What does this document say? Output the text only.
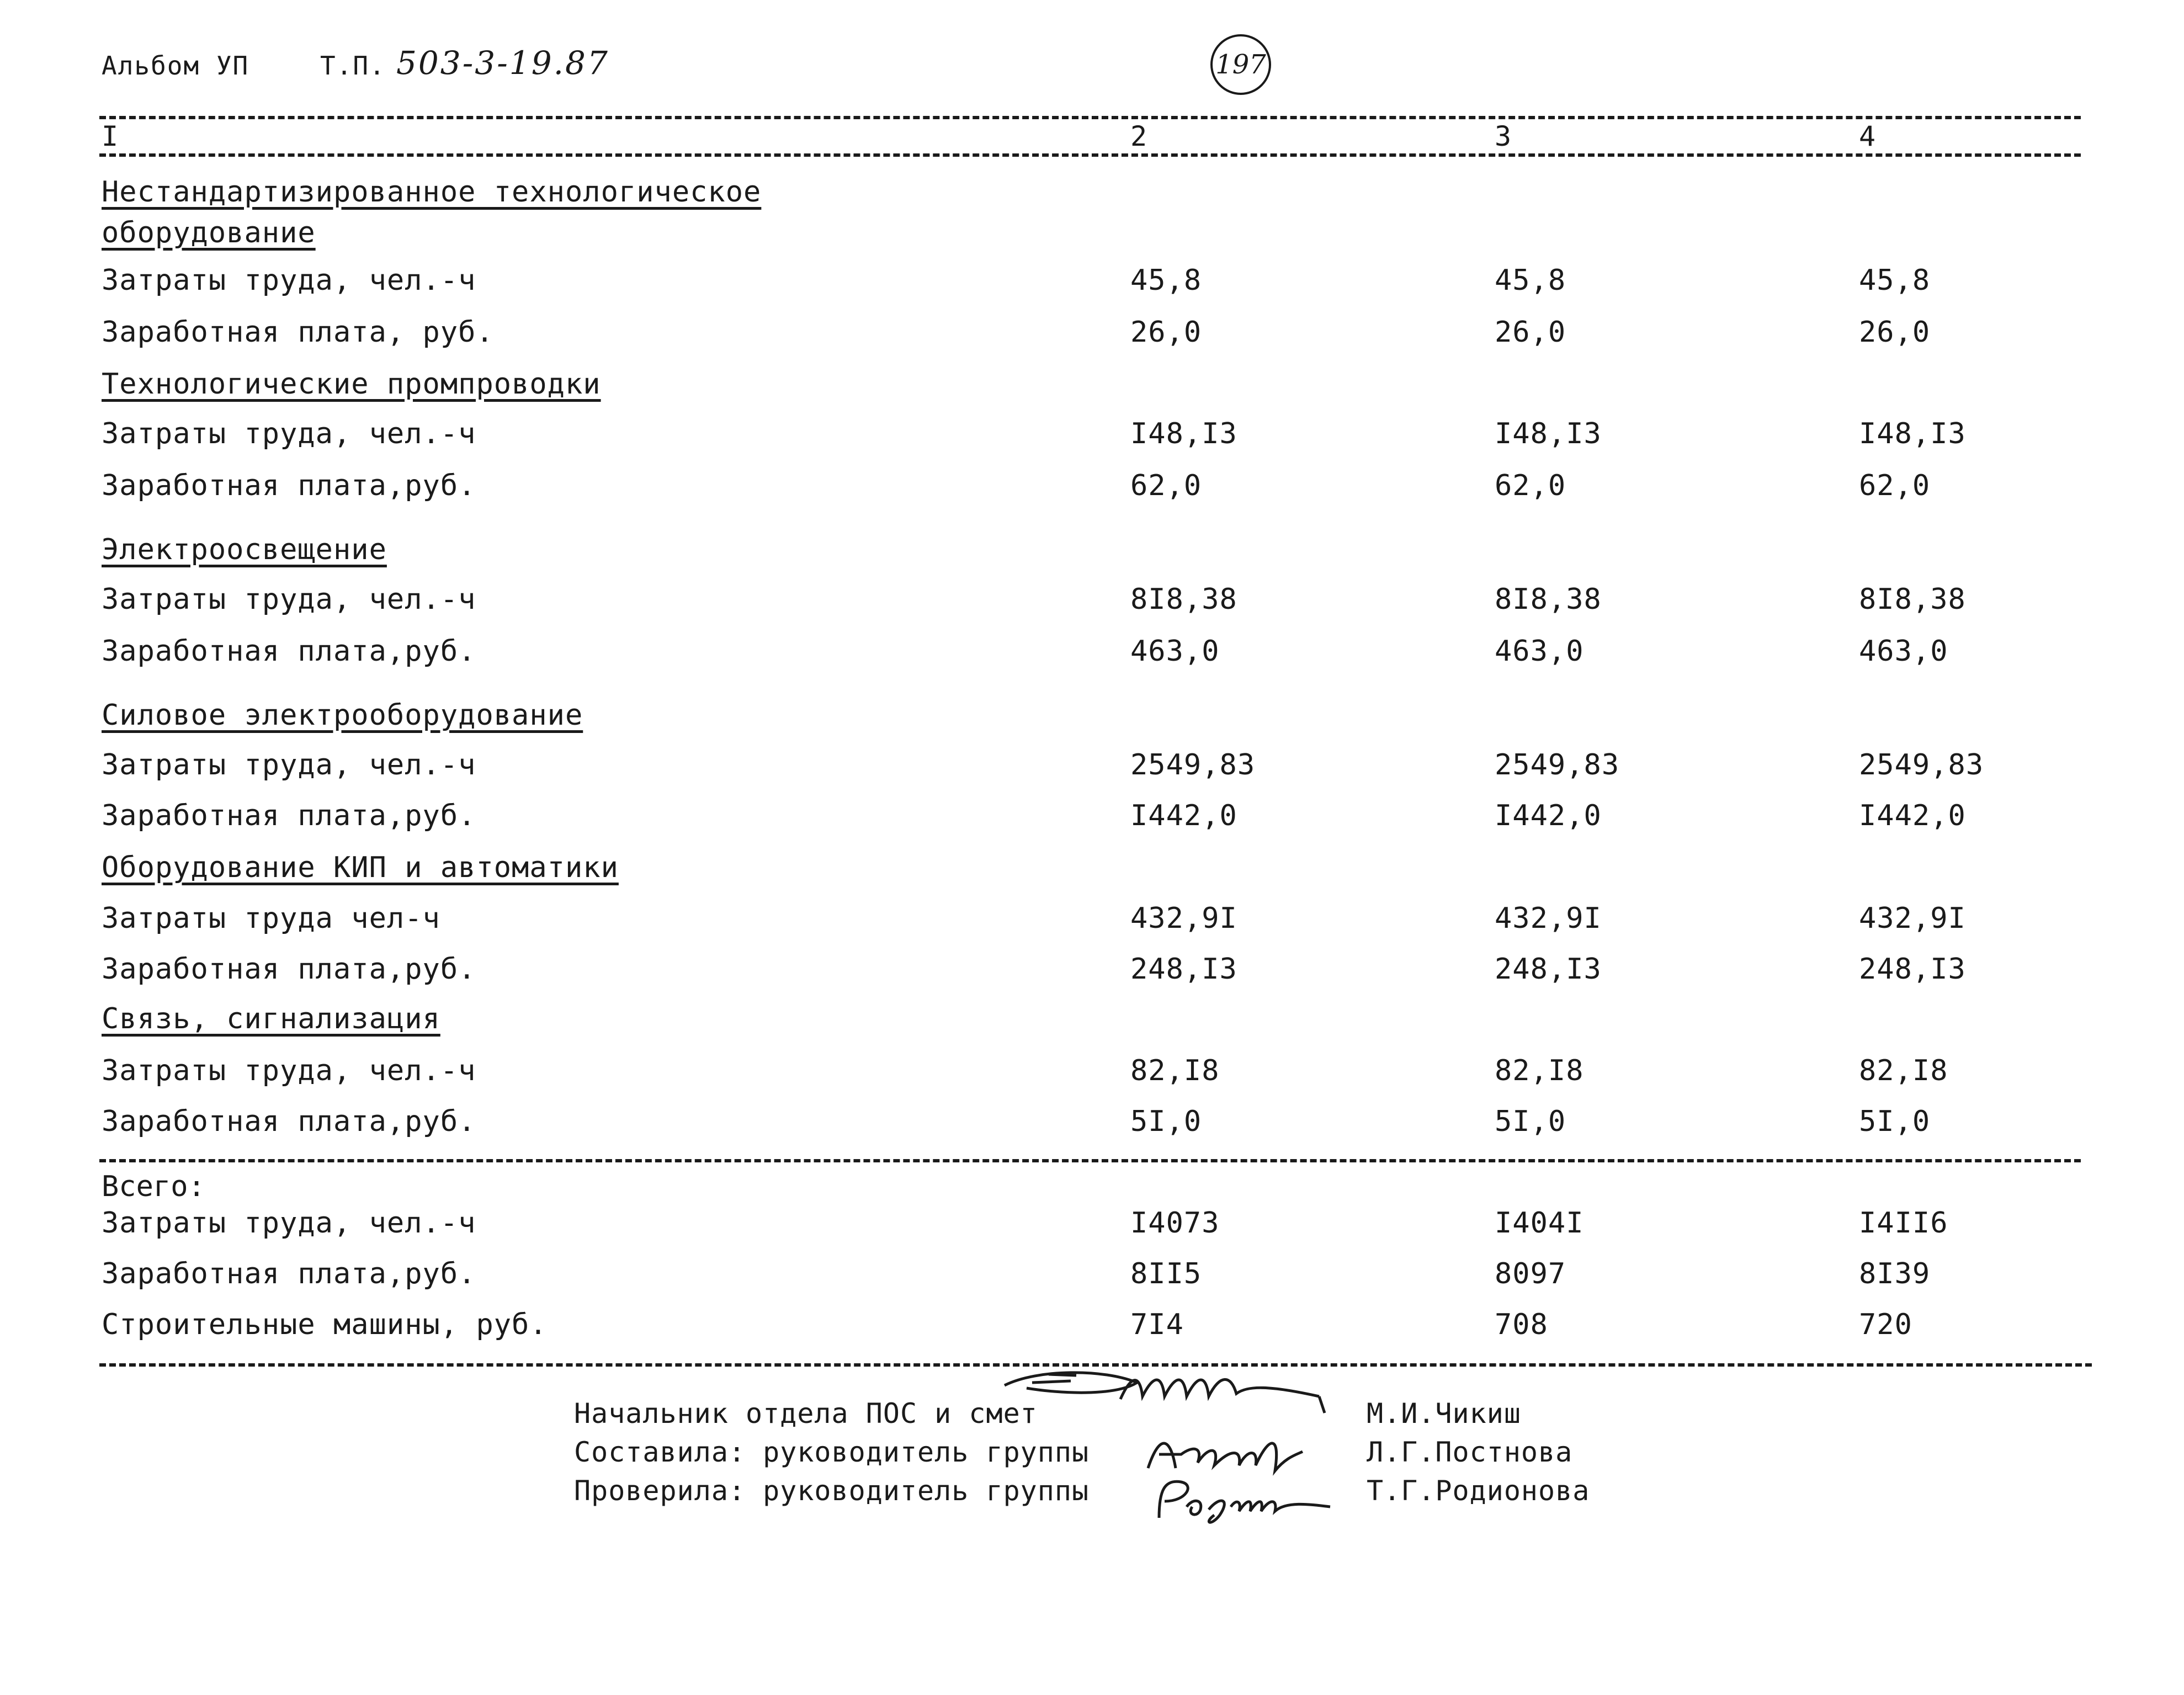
Альбом УП	Т.П. 503-3-19.87	197
I	2	3	4
Нестандартизированное технологическое
оборудование
Затраты труда, чел.-ч	45,8	45,8	45,8
Заработная плата, руб.	26,0	26,0	26,0
Технологические промпроводки
Затраты труда, чел.-ч	I48,I3	I48,I3	I48,I3
Заработная плата,руб.	62,0	62,0	62,0
Электроосвещение
Затраты труда, чел.-ч	8I8,38	8I8,38	8I8,38
Заработная плата,руб.	463,0	463,0	463,0
Силовое электрооборудование
Затраты труда, чел.-ч	2549,83	2549,83	2549,83
Заработная плата,руб.	I442,0	I442,0	I442,0
Оборудование КИП и автоматики
Затраты труда чел-ч	432,9I	432,9I	432,9I
Заработная плата,руб.	248,I3	248,I3	248,I3
Связь, сигнализация
Затраты труда, чел.-ч	82,I8	82,I8	82,I8
Заработная плата,руб.	5I,0	5I,0	5I,0
Всего:
Затраты труда, чел.-ч	I4073	I404I	I4II6
Заработная плата,руб.	8II5	8097	8I39
Строительные машины, руб.	7I4	708	720
Начальник отдела ПОС и смет
Составила: руководитель группы
Проверила: руководитель группы
М.И.Чикиш
Л.Г.Постнова
Т.Г.Родионова
